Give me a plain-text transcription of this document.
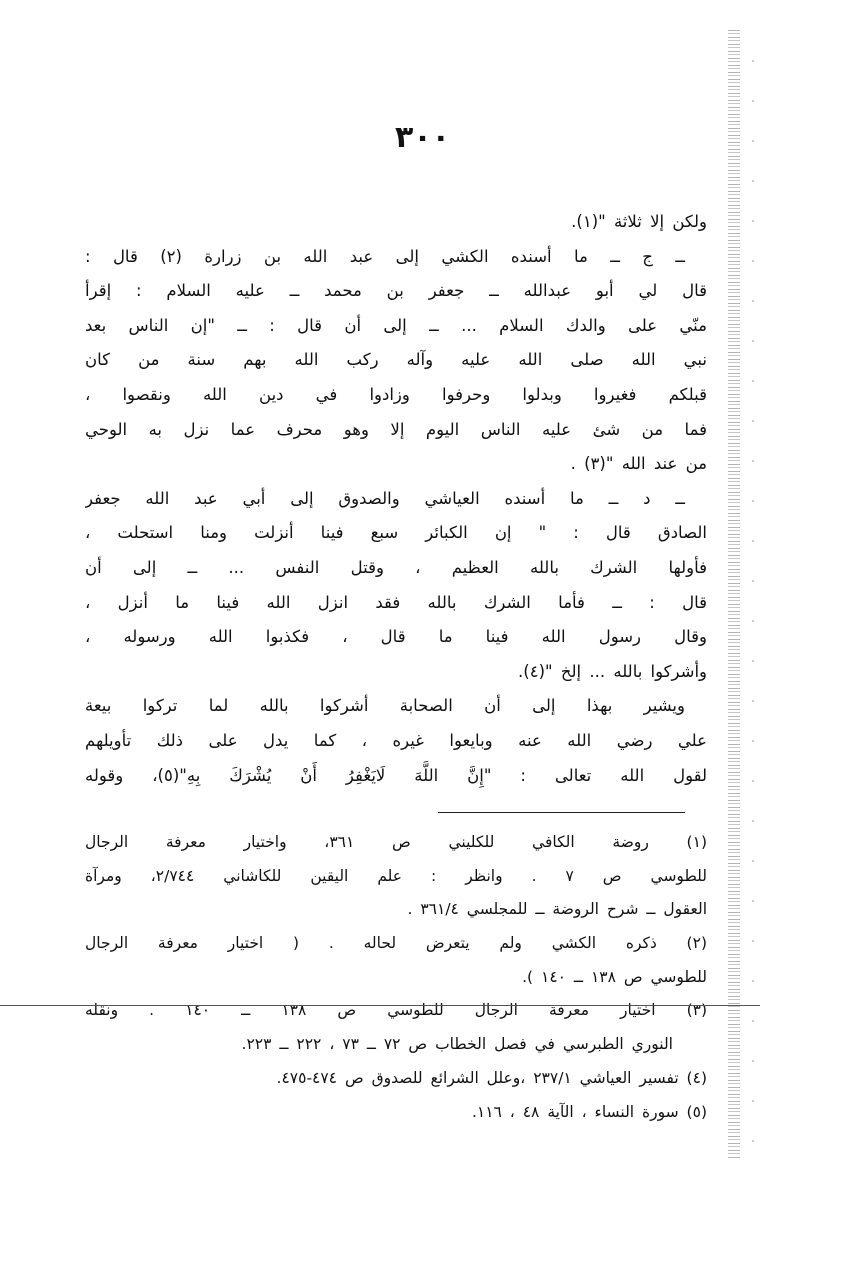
٣٠٠
ولكن إلا ثلاثة "(١).
ــ ج ــ ما أسنده الكشي إلى عبد الله بن زرارة (٢) قال :
قال لي أبو عبدالله ــ جعفر بن محمد ــ عليه السلام : إقرأ
منّي على والدك السلام ... ــ إلى أن قال : ــ "إن الناس بعد
نبي الله صلى الله عليه وآله ركب الله بهم سنة من كان
قبلكم فغيروا وبدلوا وحرفوا وزادوا في دين الله ونقصوا ،
فما من شئ عليه الناس اليوم إلا وهو محرف عما نزل به الوحي
من عند الله "(٣) .
ــ د ــ ما أسنده العياشي والصدوق إلى أبي عبد الله جعفر
الصادق قال : " إن الكبائر سبع فينا أنزلت ومنا استحلت ،
فأولها الشرك بالله العظيم ، وقتل النفس ... ــ إلى أن
قال : ــ فأما الشرك بالله فقد انزل الله فينا ما أنزل ،
وقال رسول الله فينا ما قال ، فكذبوا الله ورسوله ،
وأشركوا بالله ... إلخ "(٤).
ويشير بهذا إلى أن الصحابة أشركوا بالله لما تركوا بيعة
علي رضي الله عنه وبايعوا غيره ، كما يدل على ذلك تأويلهم
لقول الله تعالى : "إِنَّ اللَّهَ لَايَغْفِرُ أَنْ يُشْرَكَ بِهِ"(٥)، وقوله
(١) روضة الكافي للكليني ص ٣٦١، واختيار معرفة الرجال
للطوسي ص ٧ . وانظر : علم اليقين للكاشاني ٢/٧٤٤، ومرآة
العقول ــ شرح الروضة ــ للمجلسي ٣٦١/٤ .
(٢) ذكره الكشي ولم يتعرض لحاله . ( اختيار معرفة الرجال
للطوسي ص ١٣٨ ــ ١٤٠ ).
(٣) اختيار معرفة الرجال للطوسي ص ١٣٨ ــ ١٤٠ . ونقله
النوري الطبرسي في فصل الخطاب ص ٧٢ ــ ٧٣ ، ٢٢٢ ــ ٢٢٣.
(٤) تفسير العياشي ٢٣٧/١ ،وعلل الشرائع للصدوق ص ٤٧٤-٤٧٥.
(٥) سورة النساء ، الآية ٤٨ ، ١١٦.
